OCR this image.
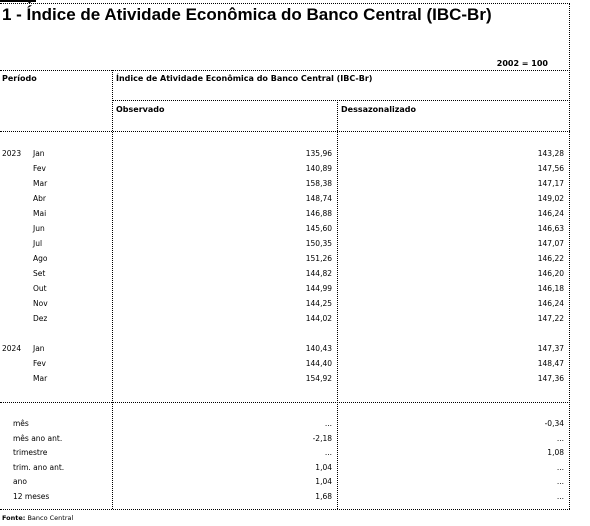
1 - Índice de Atividade Econômica do Banco Central (IBC-Br)
2002 = 100
Período	Índice de Atividade Econômica do Banco Central (IBC-Br)
Observado	Dessazonalizado
2023 Jan	135,96	143,28
Fev	140,89	147,56
Mar	158,38	147,17
Abr	148,74	149,02
Mai	146,88	146,24
Jun	145,60	146,63
Jul	150,35	147,07
Ago	151,26	146,22
Set	144,82	146,20
Out	144,99	146,18
Nov	144,25	146,24
Dez	144,02	147,22
2024 Jan	140,43	147,37
Fev	144,40	148,47
Mar	154,92	147,36
mês	...	-0,34
mês ano ant.	-2,18	...
trimestre	...	1,08
trim. ano ant.	1,04	...
ano	1,04	...
12 meses	1,68	...
Fonte: Banco Central
